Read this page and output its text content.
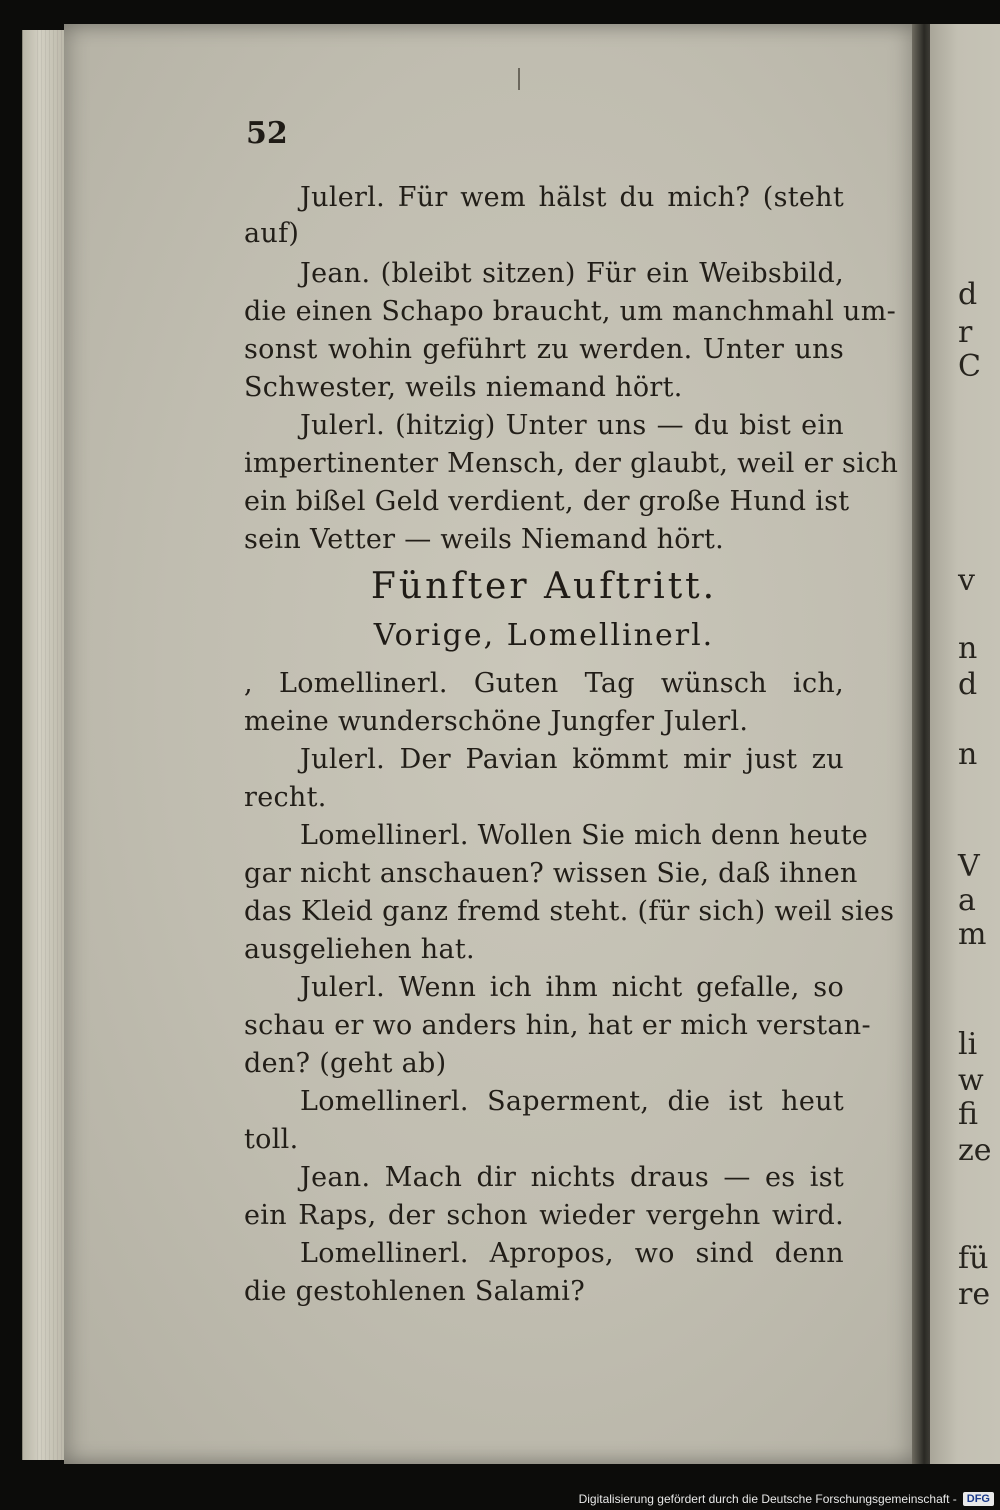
52
Julerl. Für wem hälst du mich? (steht
auf)
Jean. (bleibt sitzen) Für ein Weibsbild,
die einen Schapo braucht, um manchmahl um-
sonst wohin geführt zu werden. Unter uns
Schwester, weils niemand hört.
Julerl. (hitzig) Unter uns — du bist ein
impertinenter Mensch, der glaubt, weil er sich
ein bißel Geld verdient, der große Hund ist
sein Vetter — weils Niemand hört.
Fünfter Auftritt.
Vorige, Lomellinerl.
, Lomellinerl. Guten Tag wünsch ich,
meine wunderschöne Jungfer Julerl.
Julerl. Der Pavian kömmt mir just zu
recht.
Lomellinerl. Wollen Sie mich denn heute
gar nicht anschauen? wissen Sie, daß ihnen
das Kleid ganz fremd steht. (für sich) weil sies
ausgeliehen hat.
Julerl. Wenn ich ihm nicht gefalle, so
schau er wo anders hin, hat er mich verstan-
den? (geht ab)
Lomellinerl. Saperment, die ist heut
toll.
Jean. Mach dir nichts draus — es ist
ein Raps, der schon wieder vergehn wird.
Lomellinerl. Apropos, wo sind denn
die gestohlenen Salami?
d
r
C
v
n
d
n
V
a
m
li
w
fi
ze
fü
re
Digitalisierung gefördert durch die Deutsche Forschungsgemeinschaft - DFG
